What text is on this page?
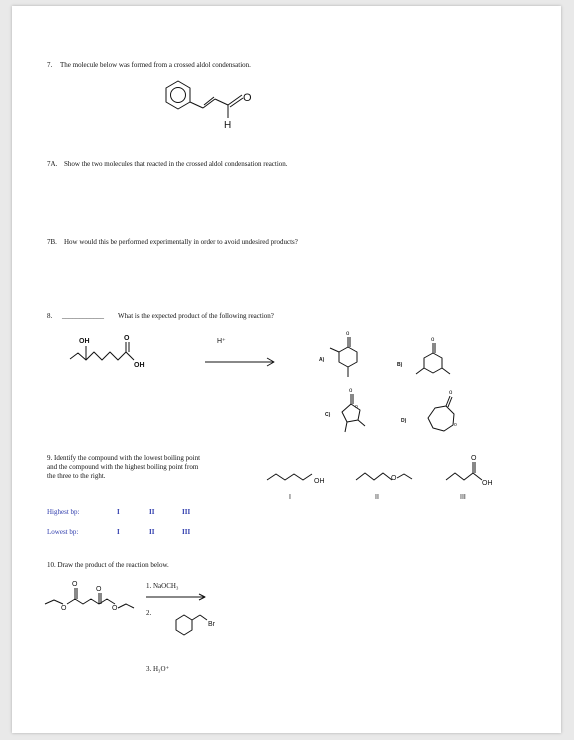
7. The molecule below was formed from a crossed aldol condensation.
O
H
OH	O
OH
H⁺
o
A)
o
B)
o
o
C)
o
o
D)
OH
I
O
II
OH
O
III
O
O
O
O
Br
7A. Show the two molecules that reacted in the crossed aldol condensation reaction.
7B. How would this be performed experimentally in order to avoid undesired products?
8. ____________ What is the expected product of the following reaction?
9. Identify the compound with the lowest boiling point
and the compound with the highest boiling point from
the three to the right.
Highest bp:	I	II	III
Lowest bp:	I	II	III
10. Draw the product of the reaction below.
1. NaOCH₃
2.
3. H₃O⁺
